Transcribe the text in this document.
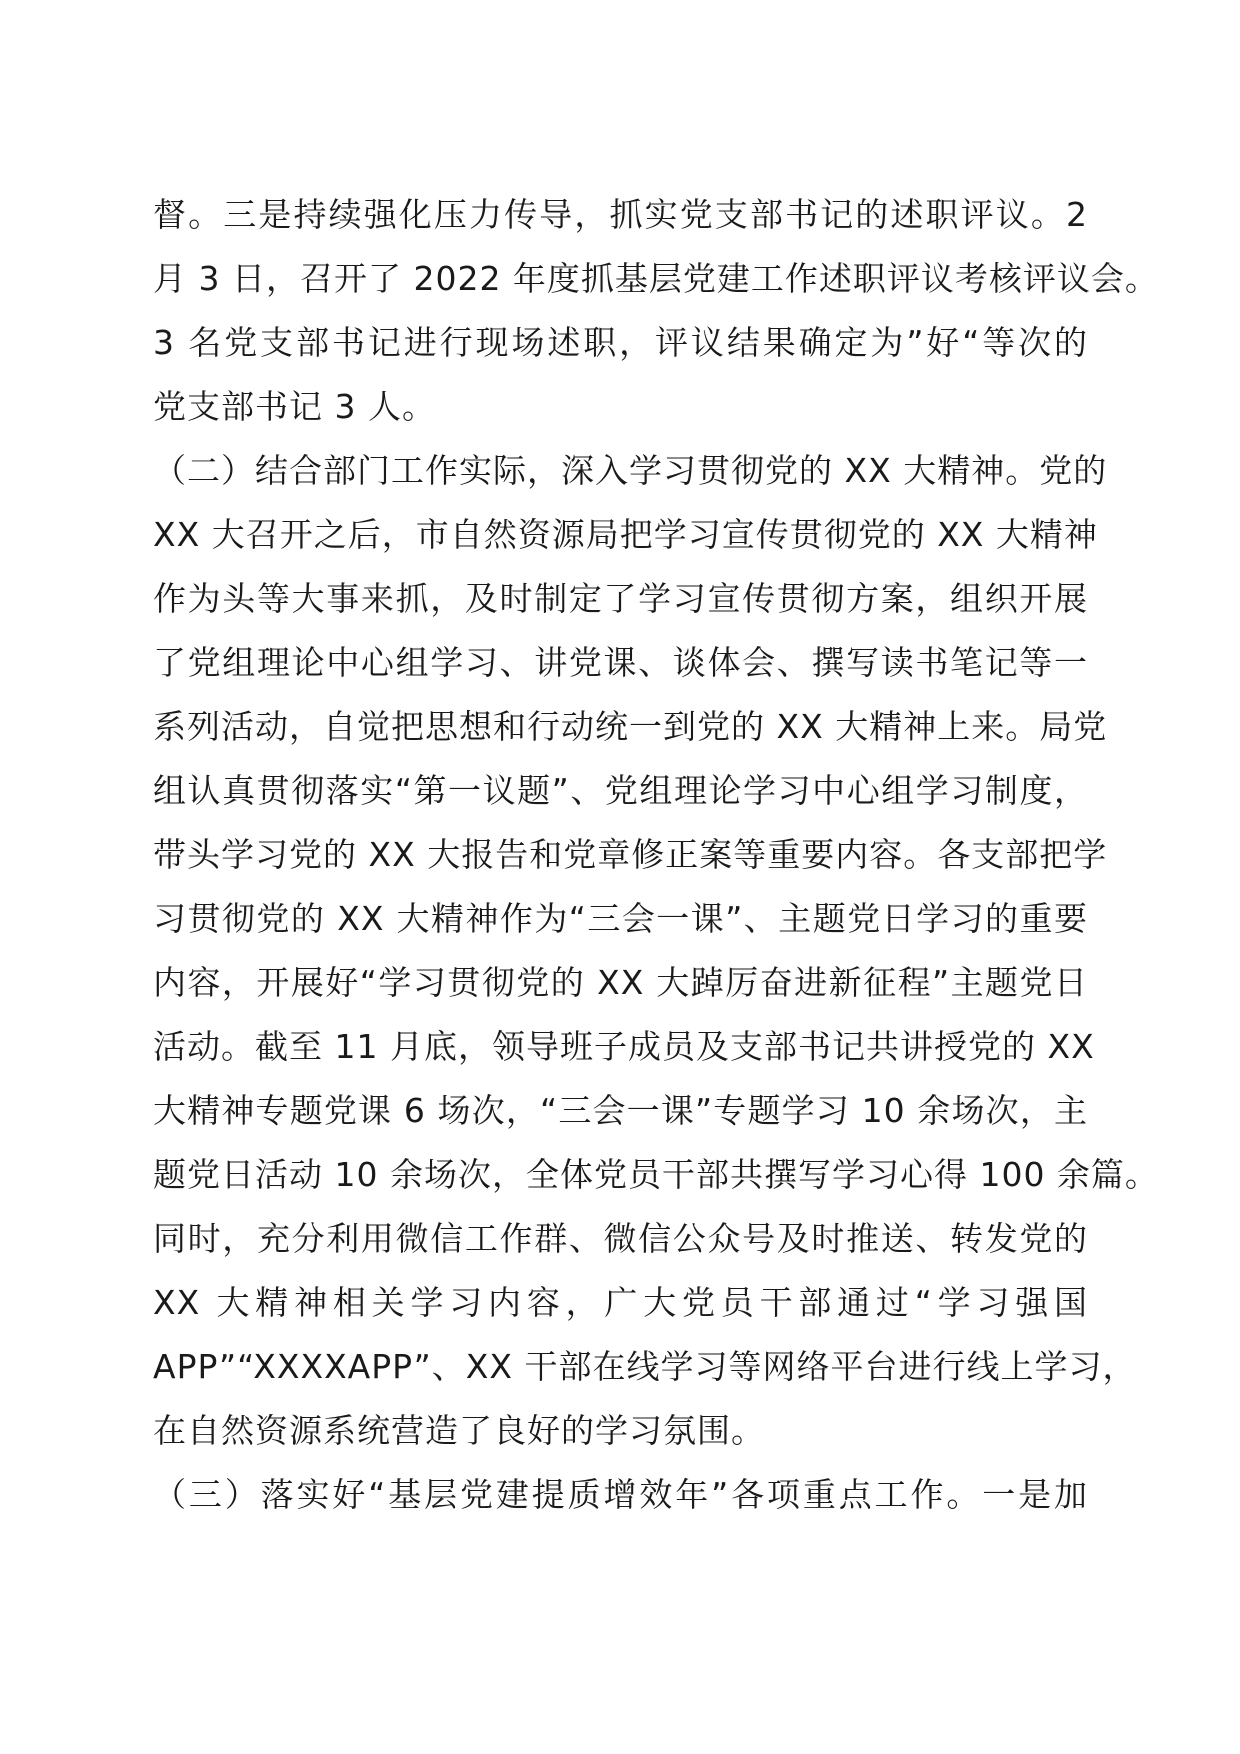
督。三是持续强化压力传导，抓实党支部书记的述职评议。2
月 3 日，召开了 2022 年度抓基层党建工作述职评议考核评议会。
3 名党支部书记进行现场述职，评议结果确定为”好“等次的
党支部书记 3 人。
（二）结合部门工作实际，深入学习贯彻党的 XX 大精神。党的
XX 大召开之后，市自然资源局把学习宣传贯彻党的 XX 大精神
作为头等大事来抓，及时制定了学习宣传贯彻方案，组织开展
了党组理论中心组学习、讲党课、谈体会、撰写读书笔记等一
系列活动，自觉把思想和行动统一到党的 XX 大精神上来。局党
组认真贯彻落实“第一议题”、党组理论学习中心组学习制度，
带头学习党的 XX 大报告和党章修正案等重要内容。各支部把学
习贯彻党的 XX 大精神作为“三会一课”、主题党日学习的重要
内容，开展好“学习贯彻党的 XX 大踔厉奋进新征程”主题党日
活动。截至 11 月底，领导班子成员及支部书记共讲授党的 XX
大精神专题党课 6 场次，“三会一课”专题学习 10 余场次，主
题党日活动 10 余场次，全体党员干部共撰写学习心得 100 余篇。
同时，充分利用微信工作群、微信公众号及时推送、转发党的
XX 大精神相关学习内容，广大党员干部通过“学习强国
APP”“XXXXAPP”、XX 干部在线学习等网络平台进行线上学习，
在自然资源系统营造了良好的学习氛围。
（三）落实好“基层党建提质增效年”各项重点工作。一是加
